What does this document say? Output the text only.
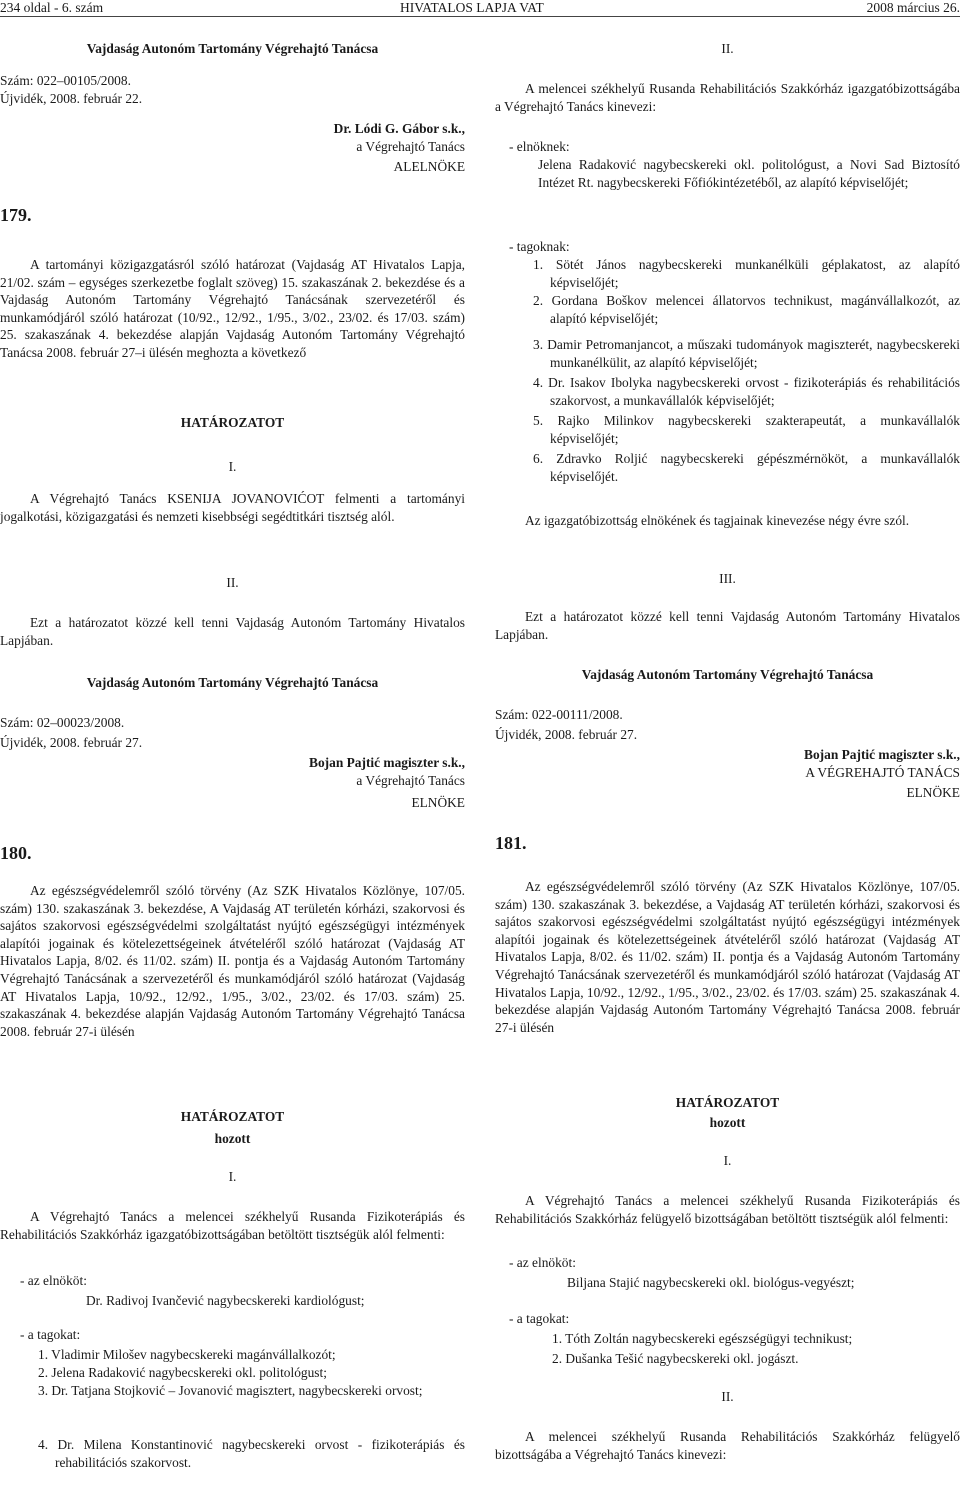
234 oldal - 6. szám	HIVATALOS LAPJA VAT	2008 március 26.
Vajdaság Autonóm Tartomány Végrehajtó Tanácsa
Szám: 022‒00105/2008.
Újvidék, 2008. február 22.
Dr. Lódi G. Gábor s.k.,
a Végrehajtó Tanács
ALELNÖKE
179.
A tartományi közigazgatásról szóló határozat (Vajdaság AT Hivatalos Lapja, 21/02. szám ‒ egységes szerkezetbe foglalt szöveg) 15. szakaszának 2. bekezdése és a Vajdaság Autonóm Tartomány Végrehajtó Tanácsának szervezetéről és munkamódjáról szóló határozat (10/92., 12/92., 1/95., 3/02., 23/02. és 17/03. szám) 25. szakaszának 4. bekezdése alapján Vajdaság Autonóm Tartomány Végrehajtó Tanácsa 2008. február 27‒i ülésén meghozta a következő
HATÁROZATOT
I.
A Végrehajtó Tanács KSENIJA JOVANOVIĆOT felmenti a tartományi jogalkotási, közigazgatási és nemzeti kisebbségi segédtitkári tisztség alól.
II.
Ezt a határozatot közzé kell tenni Vajdaság Autonóm Tartomány Hivatalos Lapjában.
Vajdaság Autonóm Tartomány Végrehajtó Tanácsa
Szám: 02‒00023/2008.
Újvidék, 2008. február 27.
Bojan Pajtić magiszter s.k.,
a Végrehajtó Tanács
ELNÖKE
180.
Az egészségvédelemről szóló törvény (Az SZK Hivatalos Közlönye, 107/05. szám) 130. szakaszának 3. bekezdése, A Vajdaság AT területén kórházi, szakorvosi és sajátos szakorvosi egészségvédelmi szolgáltatást nyújtó egészségügyi intézmények alapítói jogainak és kötelezettségeinek átvételéről szóló határozat (Vajdaság AT Hivatalos Lapja, 8/02. és 11/02. szám) II. pontja és a Vajdaság Autonóm Tartomány Végrehajtó Tanácsának a szervezetéről és munkamódjáról szóló határozat (Vajdaság AT Hivatalos Lapja, 10/92., 12/92., 1/95., 3/02., 23/02. és 17/03. szám) 25. szakaszának 4. bekezdése alapján Vajdaság Autonóm Tartomány Végrehajtó Tanácsa 2008. február 27-i ülésén
HATÁROZATOT
hozott
I.
A Végrehajtó Tanács a melencei székhelyű Rusanda Fizikoterápiás és Rehabilitációs Szakkórház igazgatóbizottságában betöltött tisztségük alól felmenti:
- az elnököt:
Dr. Radivoj Ivančević nagybecskereki kardiológust;
- a tagokat:
1. Vladimir Milošev nagybecskereki magánvállalkozót;
2. Jelena Radaković nagybecskereki okl. politológust;
3. Dr. Tatjana Stojković – Jovanović magisztert, nagybecskereki orvost;
4. Dr. Milena Konstantinović nagybecskereki orvost - fizikoterápiás és rehabilitációs szakorvost.
II.
A melencei székhelyű Rusanda Rehabilitációs Szakkórház igazgatóbizottságába a Végrehajtó Tanács kinevezi:
- elnöknek:
Jelena Radaković nagybecskereki okl. politológust, a Novi Sad Biztosító Intézet Rt. nagybecskereki Főfiókintézetéből, az alapító képviselőjét;
- tagoknak:
1. Sötét János nagybecskereki munkanélküli géplakatost, az alapító képviselőjét;
2. Gordana Boškov melencei állatorvos technikust, magánvállalkozót, az alapító képviselőjét;
3. Damir Petromanjancot, a műszaki tudományok magiszterét, nagybecskereki munkanélkülit, az alapító képviselőjét;
4. Dr. Isakov Ibolyka nagybecskereki orvost - fizikoterápiás és rehabilitációs szakorvost, a munkavállalók képviselőjét;
5. Rajko Milinkov nagybecskereki szakterapeutát, a munkavállalók képviselőjét;
6. Zdravko Roljić nagybecskereki gépészmérnököt, a munkavállalók képviselőjét.
Az igazgatóbizottság elnökének és tagjainak kinevezése négy évre szól.
III.
Ezt a határozatot közzé kell tenni Vajdaság Autonóm Tartomány Hivatalos Lapjában.
Vajdaság Autonóm Tartomány Végrehajtó Tanácsa
Szám: 022-00111/2008.
Újvidék, 2008. február 27.
Bojan Pajtić magiszter s.k.,
A VÉGREHAJTÓ TANÁCS
ELNÖKE
181.
Az egészségvédelemről szóló törvény (Az SZK Hivatalos Közlönye, 107/05. szám) 130. szakaszának 3. bekezdése, a Vajdaság AT területén kórházi, szakorvosi és sajátos szakorvosi egészségvédelmi szolgáltatást nyújtó egészségügyi intézmények alapítói jogainak és kötelezettségeinek átvételéről szóló határozat (Vajdaság AT Hivatalos Lapja, 8/02. és 11/02. szám) II. pontja és a Vajdaság Autonóm Tartomány Végrehajtó Tanácsának szervezetéről és munkamódjáról szóló határozat (Vajdaság AT Hivatalos Lapja, 10/92., 12/92., 1/95., 3/02., 23/02. és 17/03. szám) 25. szakaszának 4. bekezdése alapján Vajdaság Autonóm Tartomány Végrehajtó Tanácsa 2008. február 27-i ülésén
HATÁROZATOT
hozott
I.
A Végrehajtó Tanács a melencei székhelyű Rusanda Fizikoterápiás és Rehabilitációs Szakkórház felügyelő bizottságában betöltött tisztségük alól felmenti:
- az elnököt:
Biljana Stajić nagybecskereki okl. biológus-vegyészt;
- a tagokat:
1. Tóth Zoltán nagybecskereki egészségügyi technikust;
2. Dušanka Tešić nagybecskereki okl. jogászt.
II.
A melencei székhelyű Rusanda Rehabilitációs Szakkórház felügyelő bizottságába a Végrehajtó Tanács kinevezi:
